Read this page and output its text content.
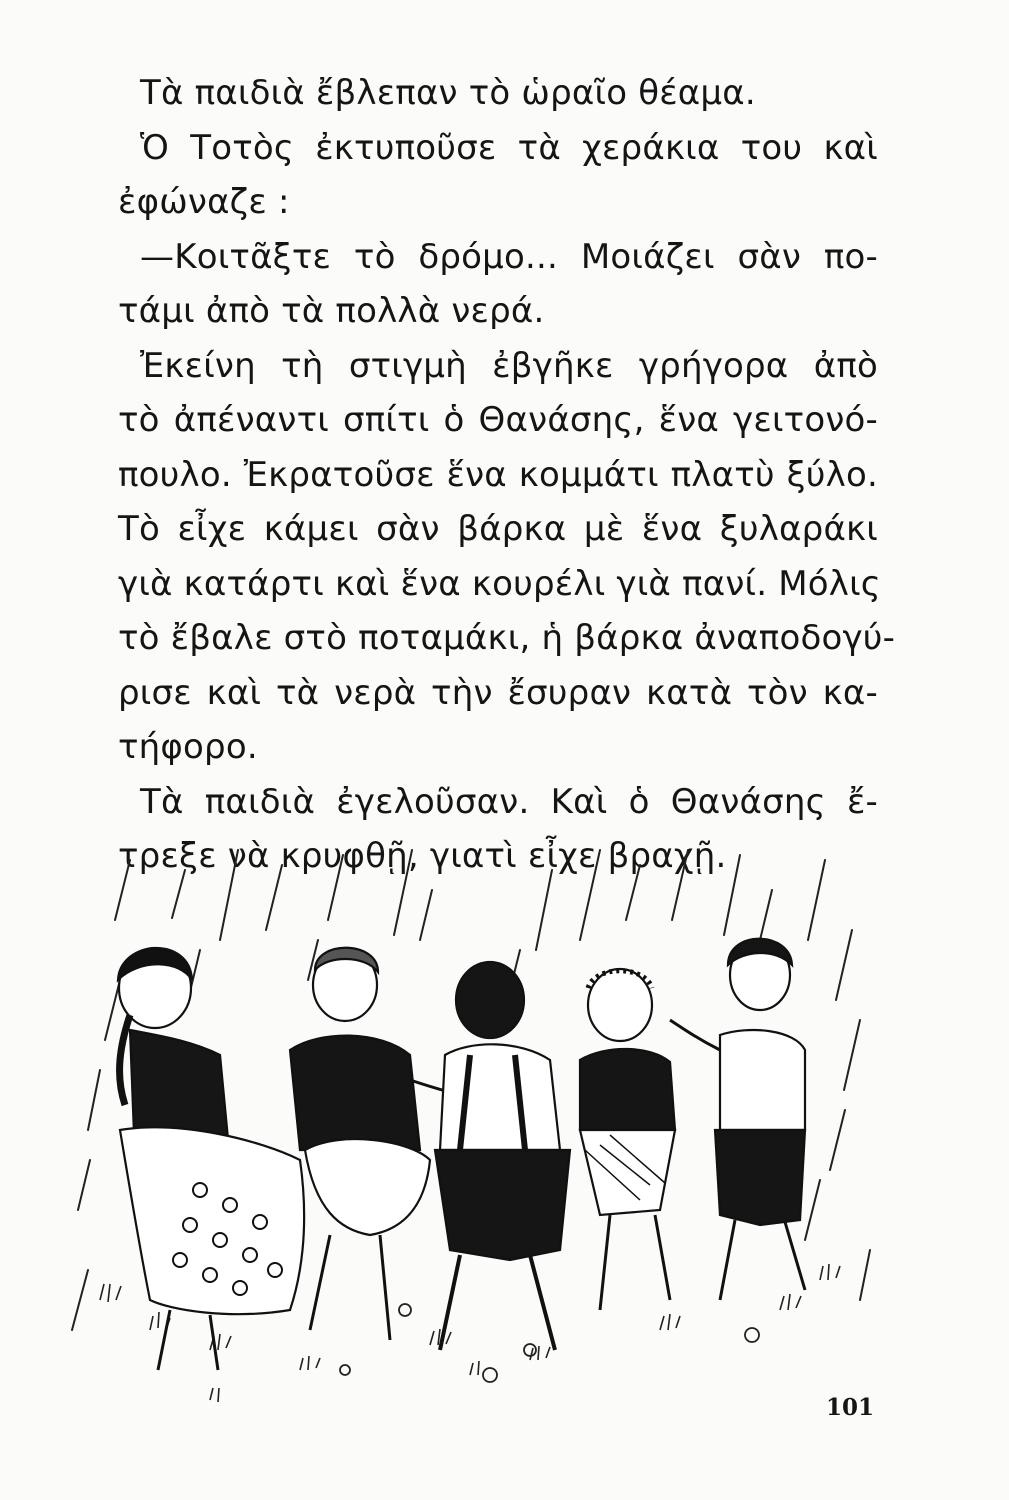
Τὰ παιδιὰ ἔβλεπαν τὸ ὡραῖο θέαμα.
Ὁ Τοτὸς ἐκτυποῦσε τὰ χεράκια του καὶ
ἐφώναζε :
—Κοιτᾶξτε τὸ δρόμο... Μοιάζει σὰν πο-
τάμι ἀπὸ τὰ πολλὰ νερά.
Ἐκείνη τὴ στιγμὴ ἐβγῆκε γρήγορα ἀπὸ
τὸ ἀπέναντι σπίτι ὁ Θανάσης, ἕνα γειτονό-
πουλο. Ἐκρατοῦσε ἕνα κομμάτι πλατὺ ξύλο.
Τὸ εἶχε κάμει σὰν βάρκα μὲ ἕνα ξυλαράκι
γιὰ κατάρτι καὶ ἕνα κουρέλι γιὰ πανί. Μόλις
τὸ ἔβαλε στὸ ποταμάκι, ἡ βάρκα ἀναποδογύ-
ρισε καὶ τὰ νερὰ τὴν ἔσυραν κατὰ τὸν κα-
τήφορο.
Τὰ παιδιὰ ἐγελοῦσαν. Καὶ ὁ Θανάσης ἔ-
τρεξε νὰ κρυφθῇ, γιατὶ εἶχε βραχῇ.
101
